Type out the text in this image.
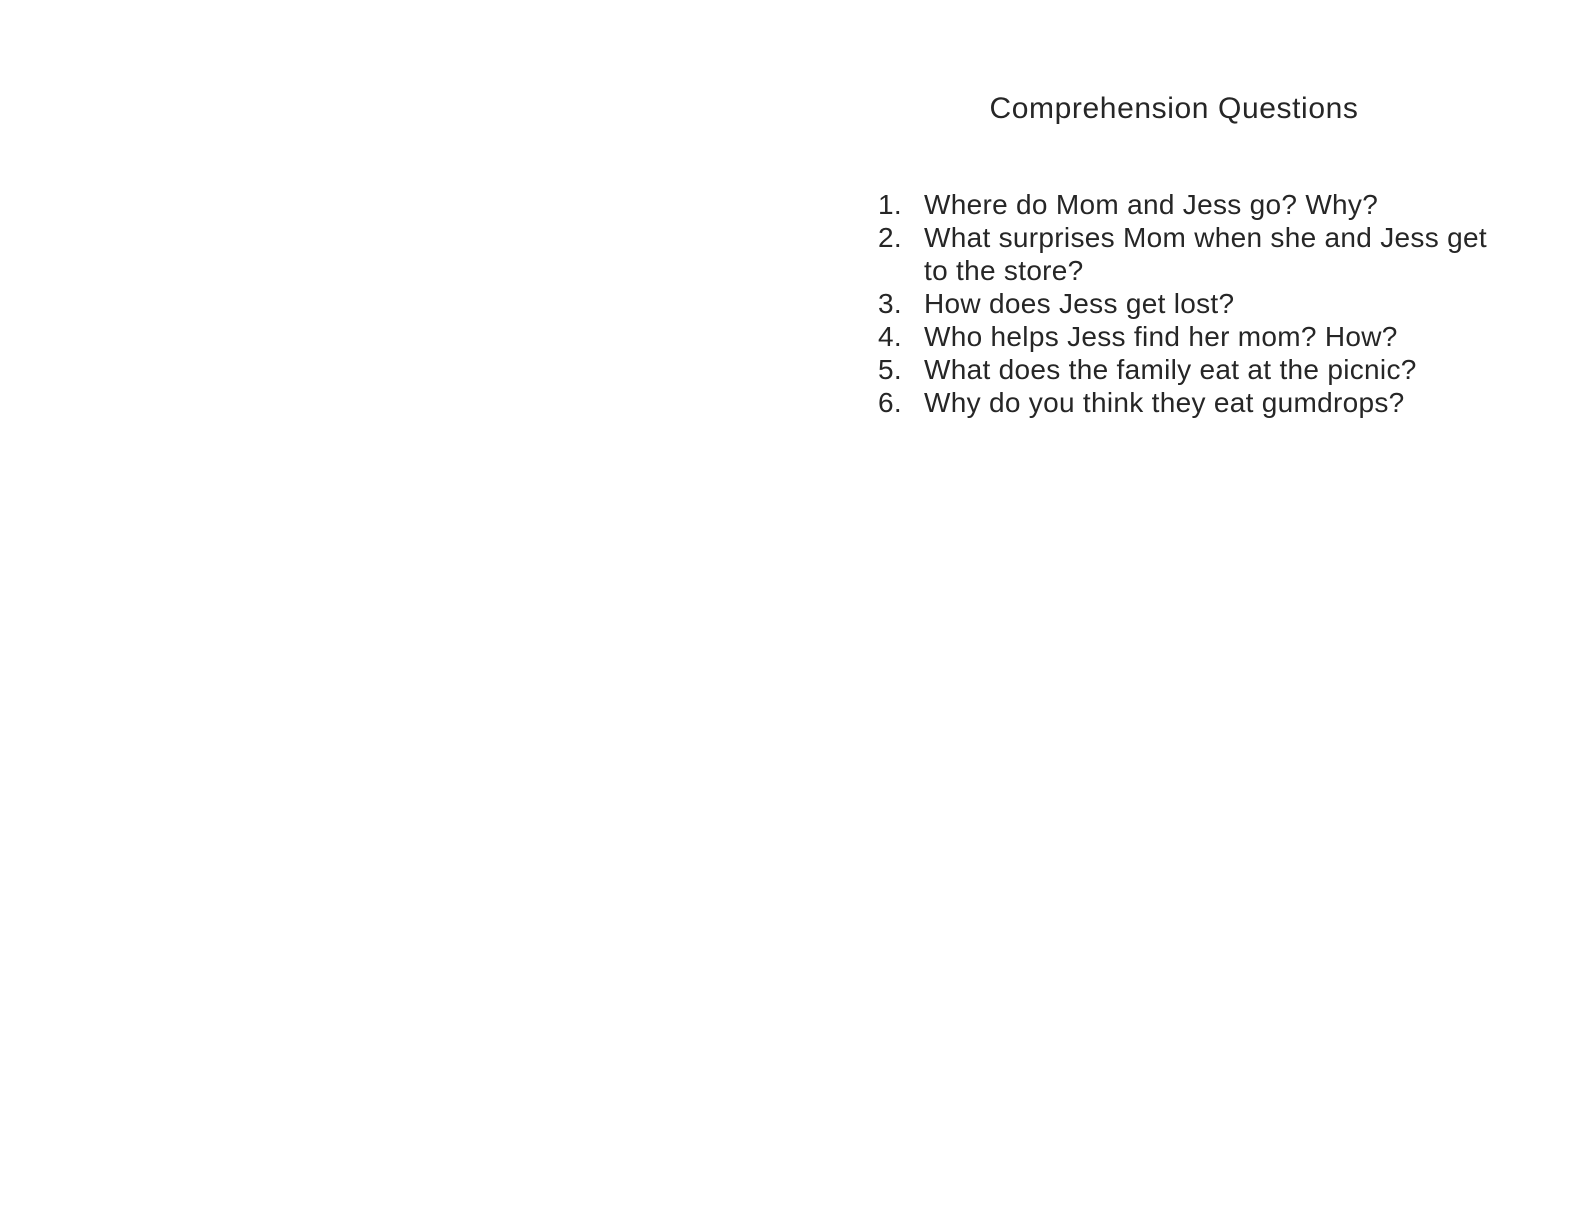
Comprehension Questions
1. Where do Mom and Jess go? Why?
2. What surprises Mom when she and Jess get
to the store?
3. How does Jess get lost?
4. Who helps Jess find her mom? How?
5. What does the family eat at the picnic?
6. Why do you think they eat gumdrops?
